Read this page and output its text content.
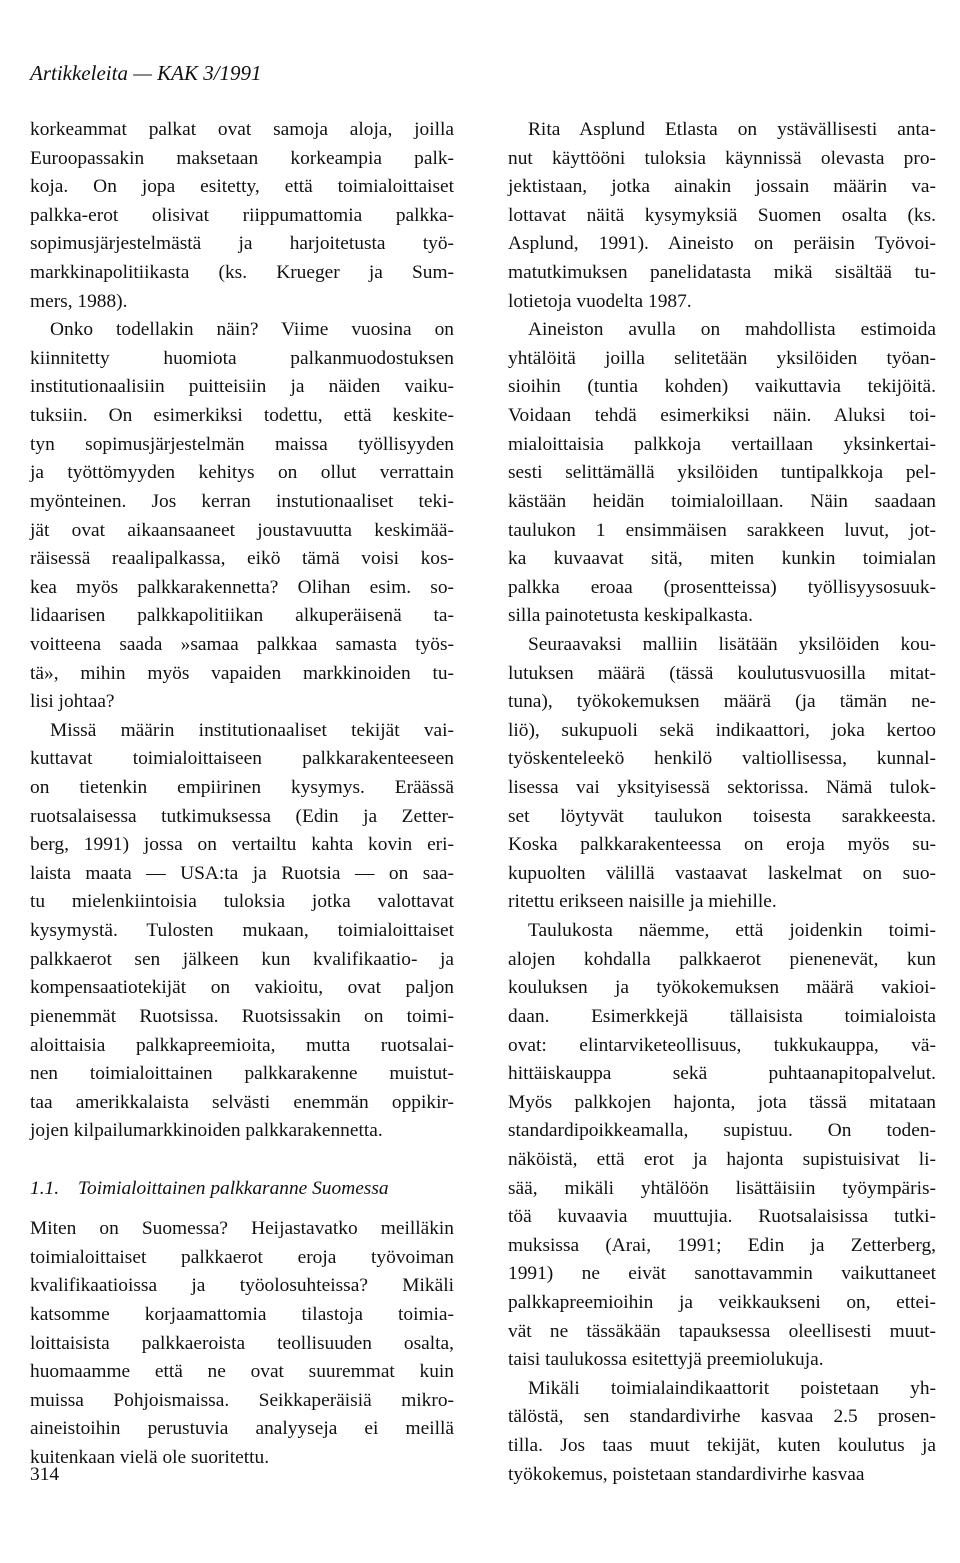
Artikkeleita — KAK 3/1991
korkeammat palkat ovat samoja aloja, joilla
Euroopassakin maksetaan korkeampia palk-
koja. On jopa esitetty, että toimialoittaiset
palkka-erot olisivat riippumattomia palkka-
sopimusjärjestelmästä ja harjoitetusta työ-
markkinapolitiikasta (ks. Krueger ja Sum-
mers, 1988).
Onko todellakin näin? Viime vuosina on
kiinnitetty huomiota palkanmuodostuksen
institutionaalisiin puitteisiin ja näiden vaiku-
tuksiin. On esimerkiksi todettu, että keskite-
tyn sopimusjärjestelmän maissa työllisyyden
ja työttömyyden kehitys on ollut verrattain
myönteinen. Jos kerran instutionaaliset teki-
jät ovat aikaansaaneet joustavuutta keskimää-
räisessä reaalipalkassa, eikö tämä voisi kos-
kea myös palkkarakennetta? Olihan esim. so-
lidaarisen palkkapolitiikan alkuperäisenä ta-
voitteena saada »samaa palkkaa samasta työs-
tä», mihin myös vapaiden markkinoiden tu-
lisi johtaa?
Missä määrin institutionaaliset tekijät vai-
kuttavat toimialoittaiseen palkkarakenteeseen
on tietenkin empiirinen kysymys. Eräässä
ruotsalaisessa tutkimuksessa (Edin ja Zetter-
berg, 1991) jossa on vertailtu kahta kovin eri-
laista maata — USA:ta ja Ruotsia — on saa-
tu mielenkiintoisia tuloksia jotka valottavat
kysymystä. Tulosten mukaan, toimialoittaiset
palkkaerot sen jälkeen kun kvalifikaatio- ja
kompensaatiotekijät on vakioitu, ovat paljon
pienemmät Ruotsissa. Ruotsissakin on toimi-
aloittaisia palkkapreemioita, mutta ruotsalai-
nen toimialoittainen palkkarakenne muistut-
taa amerikkalaista selvästi enemmän oppikir-
jojen kilpailumarkkinoiden palkkarakennetta.
1.1. Toimialoittainen palkkaranne Suomessa
Miten on Suomessa? Heijastavatko meilläkin
toimialoittaiset palkkaerot eroja työvoiman
kvalifikaatioissa ja työolosuhteissa? Mikäli
katsomme korjaamattomia tilastoja toimia-
loittaisista palkkaeroista teollisuuden osalta,
huomaamme että ne ovat suuremmat kuin
muissa Pohjoismaissa. Seikkaperäisiä mikro-
aineistoihin perustuvia analyyseja ei meillä
kuitenkaan vielä ole suoritettu.
Rita Asplund Etlasta on ystävällisesti anta-
nut käyttööni tuloksia käynnissä olevasta pro-
jektistaan, jotka ainakin jossain määrin va-
lottavat näitä kysymyksiä Suomen osalta (ks.
Asplund, 1991). Aineisto on peräisin Työvoi-
matutkimuksen panelidatasta mikä sisältää tu-
lotietoja vuodelta 1987.
Aineiston avulla on mahdollista estimoida
yhtälöitä joilla selitetään yksilöiden työan-
sioihin (tuntia kohden) vaikuttavia tekijöitä.
Voidaan tehdä esimerkiksi näin. Aluksi toi-
mialoittaisia palkkoja vertaillaan yksinkertai-
sesti selittämällä yksilöiden tuntipalkkoja pel-
kästään heidän toimialoillaan. Näin saadaan
taulukon 1 ensimmäisen sarakkeen luvut, jot-
ka kuvaavat sitä, miten kunkin toimialan
palkka eroaa (prosentteissa) työllisyysosuuk-
silla painotetusta keskipalkasta.
Seuraavaksi malliin lisätään yksilöiden kou-
lutuksen määrä (tässä koulutusvuosilla mitat-
tuna), työkokemuksen määrä (ja tämän ne-
liö), sukupuoli sekä indikaattori, joka kertoo
työskenteleekö henkilö valtiollisessa, kunnal-
lisessa vai yksityisessä sektorissa. Nämä tulok-
set löytyvät taulukon toisesta sarakkeesta.
Koska palkkarakenteessa on eroja myös su-
kupuolten välillä vastaavat laskelmat on suo-
ritettu erikseen naisille ja miehille.
Taulukosta näemme, että joidenkin toimi-
alojen kohdalla palkkaerot pienenevät, kun
kouluksen ja työkokemuksen määrä vakioi-
daan. Esimerkkejä tällaisista toimialoista
ovat: elintarviketeollisuus, tukkukauppa, vä-
hittäiskauppa sekä puhtaanapitopalvelut.
Myös palkkojen hajonta, jota tässä mitataan
standardipoikkeamalla, supistuu. On toden-
näköistä, että erot ja hajonta supistuisivat li-
sää, mikäli yhtälöön lisättäisiin työympäris-
töä kuvaavia muuttujia. Ruotsalaisissa tutki-
muksissa (Arai, 1991; Edin ja Zetterberg,
1991) ne eivät sanottavammin vaikuttaneet
palkkapreemioihin ja veikkaukseni on, ettei-
vät ne tässäkään tapauksessa oleellisesti muut-
taisi taulukossa esitettyjä preemiolukuja.
Mikäli toimialaindikaattorit poistetaan yh-
tälöstä, sen standardivirhe kasvaa 2.5 prosen-
tilla. Jos taas muut tekijät, kuten koulutus ja
työkokemus, poistetaan standardivirhe kasvaa
314
